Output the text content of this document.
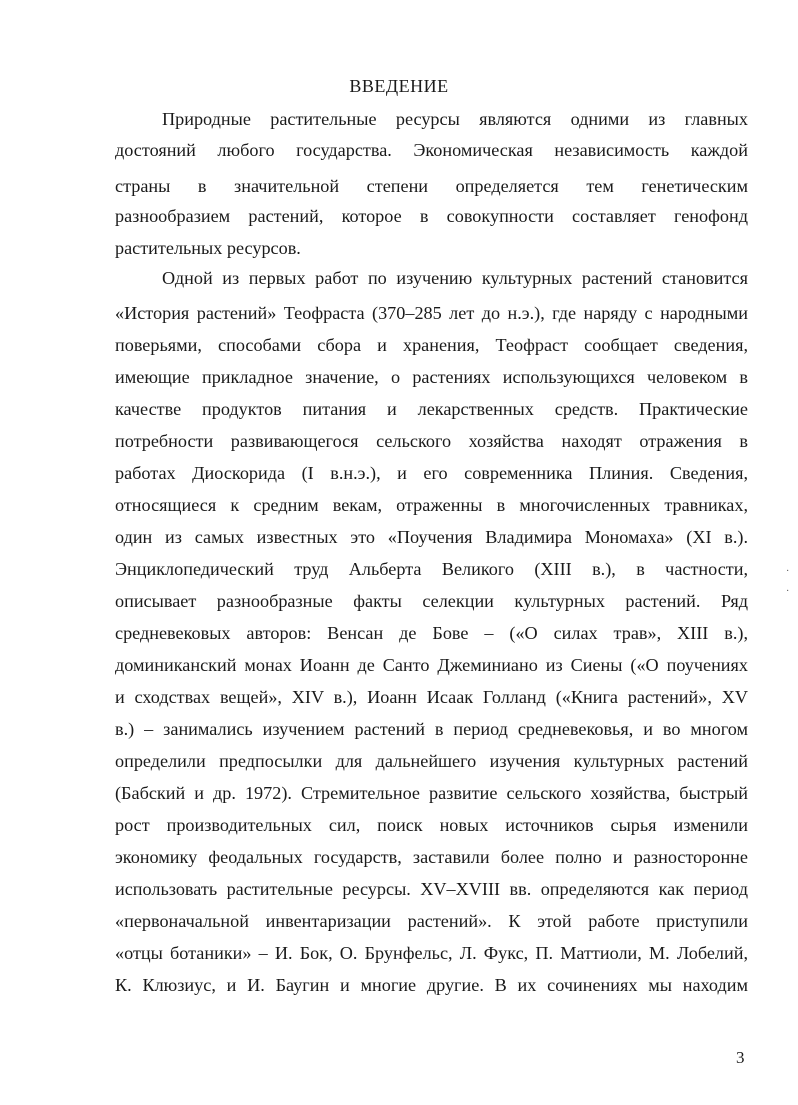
ВВЕДЕНИЕ
Природные растительные ресурсы являются одними из главных
достояний любого государства. Экономическая независимость каждой
страны в значительной степени определяется тем генетическим
разнообразием растений, которое в совокупности составляет генофонд
растительных ресурсов.
Одной из первых работ по изучению культурных растений становится
«История растений» Теофраста (370–285 лет до н.э.), где наряду с народными
поверьями, способами сбора и хранения, Теофраст сообщает сведения,
имеющие прикладное значение, о растениях использующихся человеком в
качестве продуктов питания и лекарственных средств. Практические
потребности развивающегося сельского хозяйства находят отражения в
работах Диоскорида (I в.н.э.), и его современника Плиния. Сведения,
относящиеся к средним векам, отраженны в многочисленных травниках,
один из самых известных это «Поучения Владимира Мономаха» (XI в.).
Энциклопедический труд Альберта Великого (XIII в.), в частности,
описывает разнообразные факты селекции культурных растений. Ряд
средневековых авторов: Венсан де Бове – («О силах трав», XIII в.),
доминиканский монах Иоанн де Санто Джеминиано из Сиены («О поучениях
и сходствах вещей», XIV в.), Иоанн Исаак Голланд («Книга растений», XV
в.) – занимались изучением растений в период средневековья, и во многом
определили предпосылки для дальнейшего изучения культурных растений
(Бабский и др. 1972). Стремительное развитие сельского хозяйства, быстрый
рост производительных сил, поиск новых источников сырья изменили
экономику феодальных государств, заставили более полно и разносторонне
использовать растительные ресурсы. XV–XVIII вв. определяются как период
«первоначальной инвентаризации растений». К этой работе приступили
«отцы ботаники» – И. Бок, О. Брунфельс, Л. Фукс, П. Маттиоли, М. Лобелий,
К. Клюзиус, и И. Баугин и многие другие. В их сочинениях мы находим
·
·
3
